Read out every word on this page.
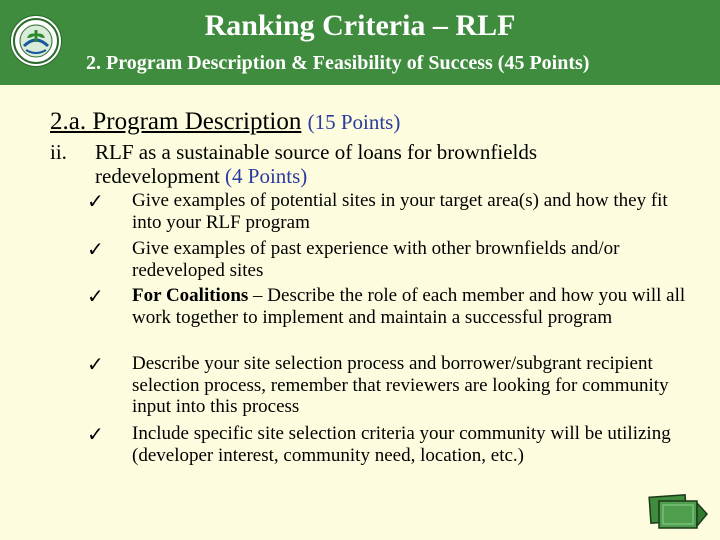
Ranking Criteria – RLF
2. Program Description & Feasibility of Success (45 Points)
2.a. Program Description (15 Points)
ii. RLF as a sustainable source of loans for brownfields redevelopment (4 Points)
✓ Give examples of potential sites in your target area(s) and how they fit into your RLF program
✓ Give examples of past experience with other brownfields and/or redeveloped sites
✓ For Coalitions – Describe the role of each member and how you will all work together to implement and maintain a successful program
✓ Describe your site selection process and borrower/subgrant recipient selection process, remember that reviewers are looking for community input into this process
✓ Include specific site selection criteria your community will be utilizing (developer interest, community need, location, etc.)
